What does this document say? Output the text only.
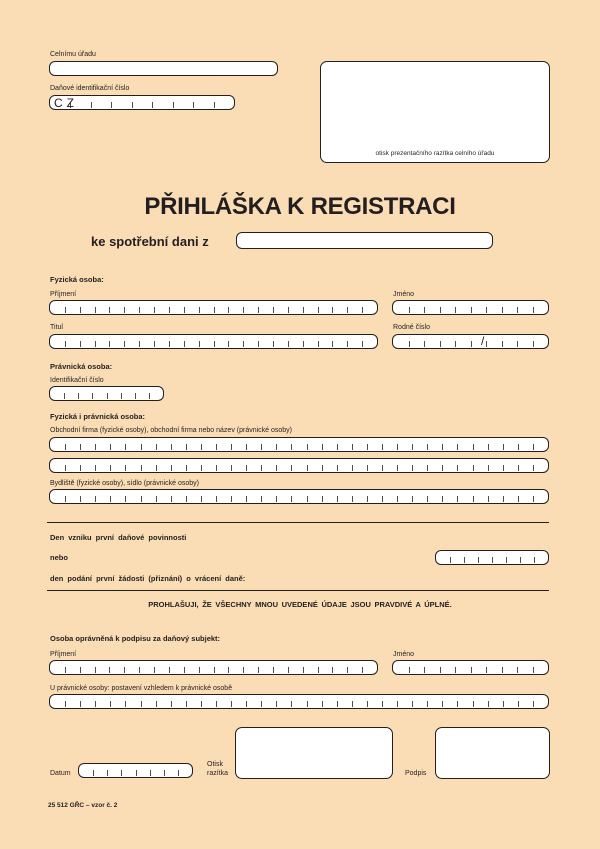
Celnímu úřadu
Daňové identifikační číslo
CZ
otisk prezentačního razítka celního úřadu
PŘIHLÁŠKA K REGISTRACI
ke spotřební dani z
Fyzická osoba:
Příjmení	Jméno
Titul	Rodné číslo
/
Právnická osoba:
Identifikační číslo
Fyzická i právnická osoba:
Obchodní firma (fyzické osoby), obchodní firma nebo název (právnické osoby)
Bydliště (fyzické osoby), sídlo (právnické osoby)
Den vzniku první daňové povinnosti
nebo
den podání první žádosti (přiznání) o vrácení daně:
PROHLAŠUJI, ŽE VŠECHNY MNOU UVEDENÉ ÚDAJE JSOU PRAVDIVÉ A ÚPLNÉ.
Osoba oprávněná k podpisu za daňový subjekt:
Příjmení	Jméno
U právnické osoby: postavení vzhledem k právnické osobě
Datum
Otisk
razítka	Podpis
25 512 GŘC – vzor č. 2
